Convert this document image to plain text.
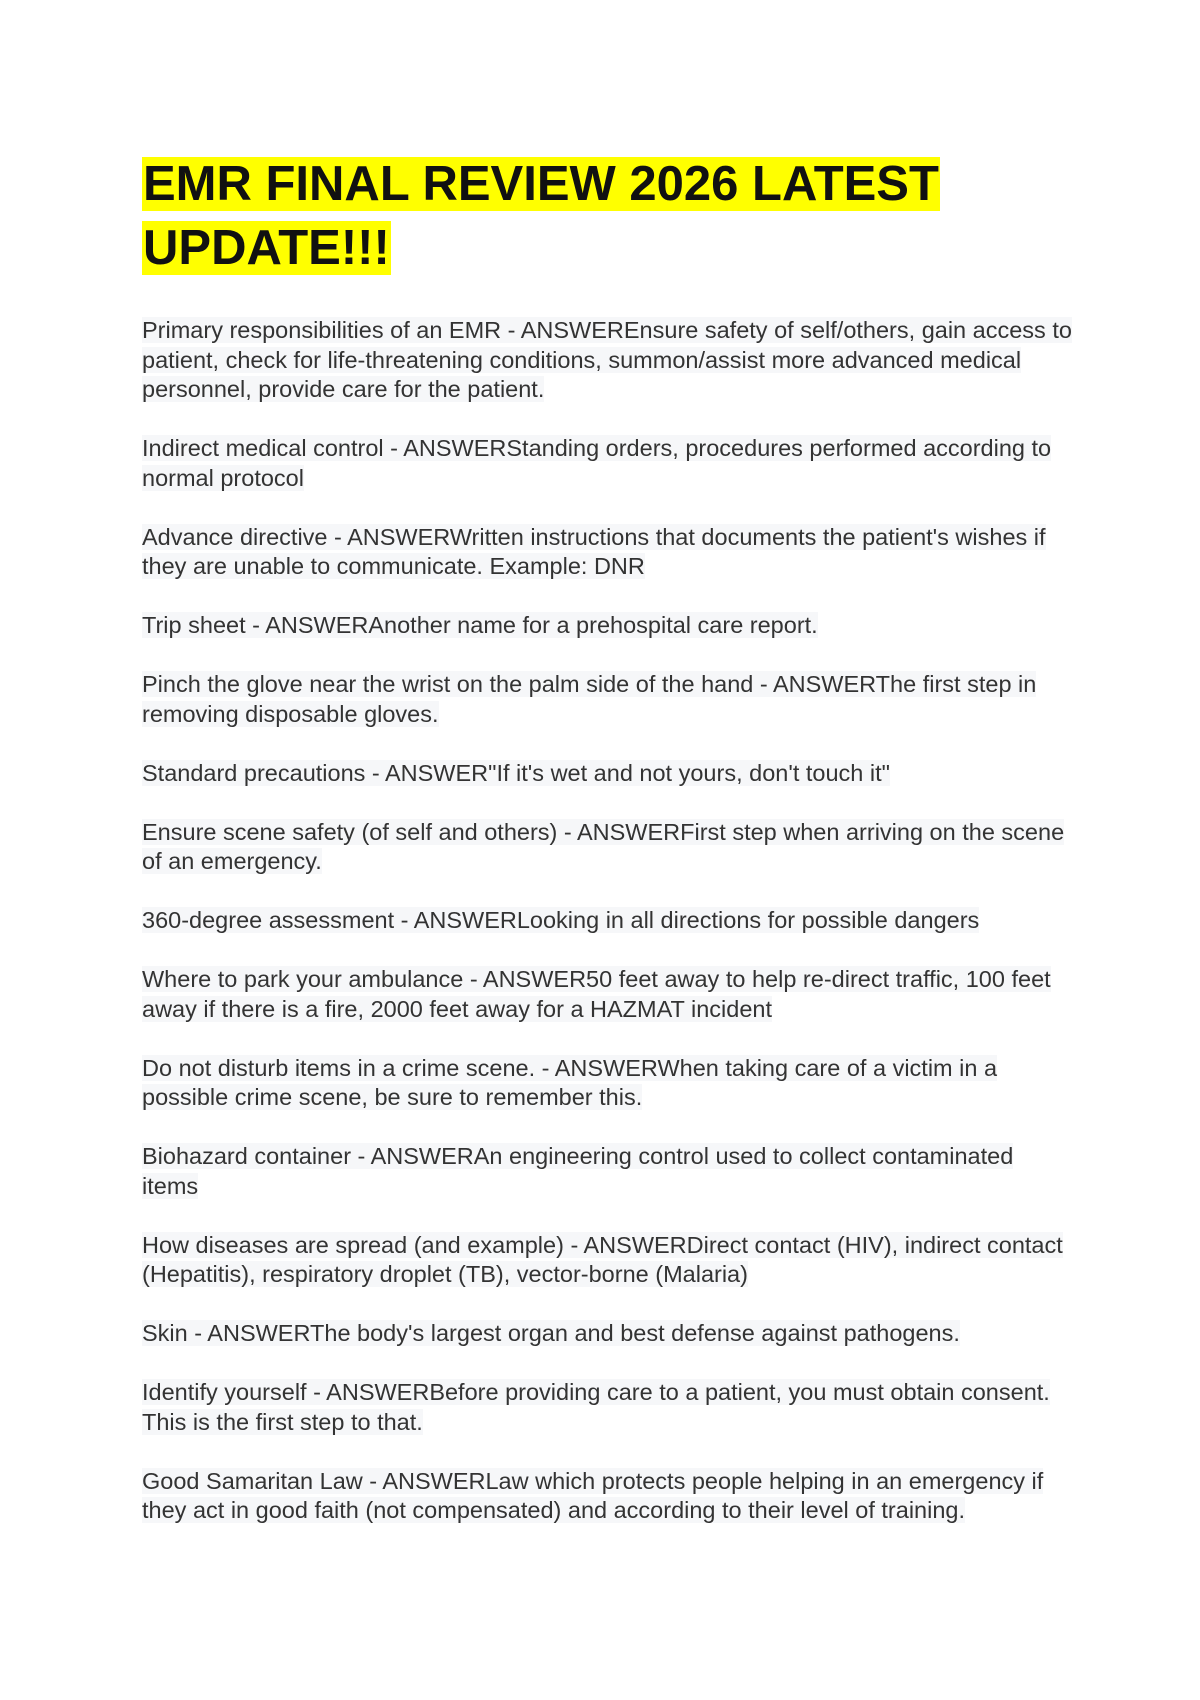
EMR FINAL REVIEW 2026 LATEST UPDATE!!!

Primary responsibilities of an EMR - ANSWEREnsure safety of self/others, gain access to patient, check for life-threatening conditions, summon/assist more advanced medical personnel, provide care for the patient.

Indirect medical control - ANSWERStanding orders, procedures performed according to normal protocol

Advance directive - ANSWERWritten instructions that documents the patient's wishes if they are unable to communicate. Example: DNR

Trip sheet - ANSWERAnother name for a prehospital care report.

Pinch the glove near the wrist on the palm side of the hand - ANSWERThe first step in removing disposable gloves.

Standard precautions - ANSWER"If it's wet and not yours, don't touch it"

Ensure scene safety (of self and others) - ANSWERFirst step when arriving on the scene of an emergency.

360-degree assessment - ANSWERLooking in all directions for possible dangers

Where to park your ambulance - ANSWER50 feet away to help re-direct traffic, 100 feet away if there is a fire, 2000 feet away for a HAZMAT incident

Do not disturb items in a crime scene. - ANSWERWhen taking care of a victim in a possible crime scene, be sure to remember this.

Biohazard container - ANSWERAn engineering control used to collect contaminated items

How diseases are spread (and example) - ANSWERDirect contact (HIV), indirect contact (Hepatitis), respiratory droplet (TB), vector-borne (Malaria)

Skin - ANSWERThe body's largest organ and best defense against pathogens.

Identify yourself - ANSWERBefore providing care to a patient, you must obtain consent. This is the first step to that.

Good Samaritan Law - ANSWERLaw which protects people helping in an emergency if they act in good faith (not compensated) and according to their level of training.
